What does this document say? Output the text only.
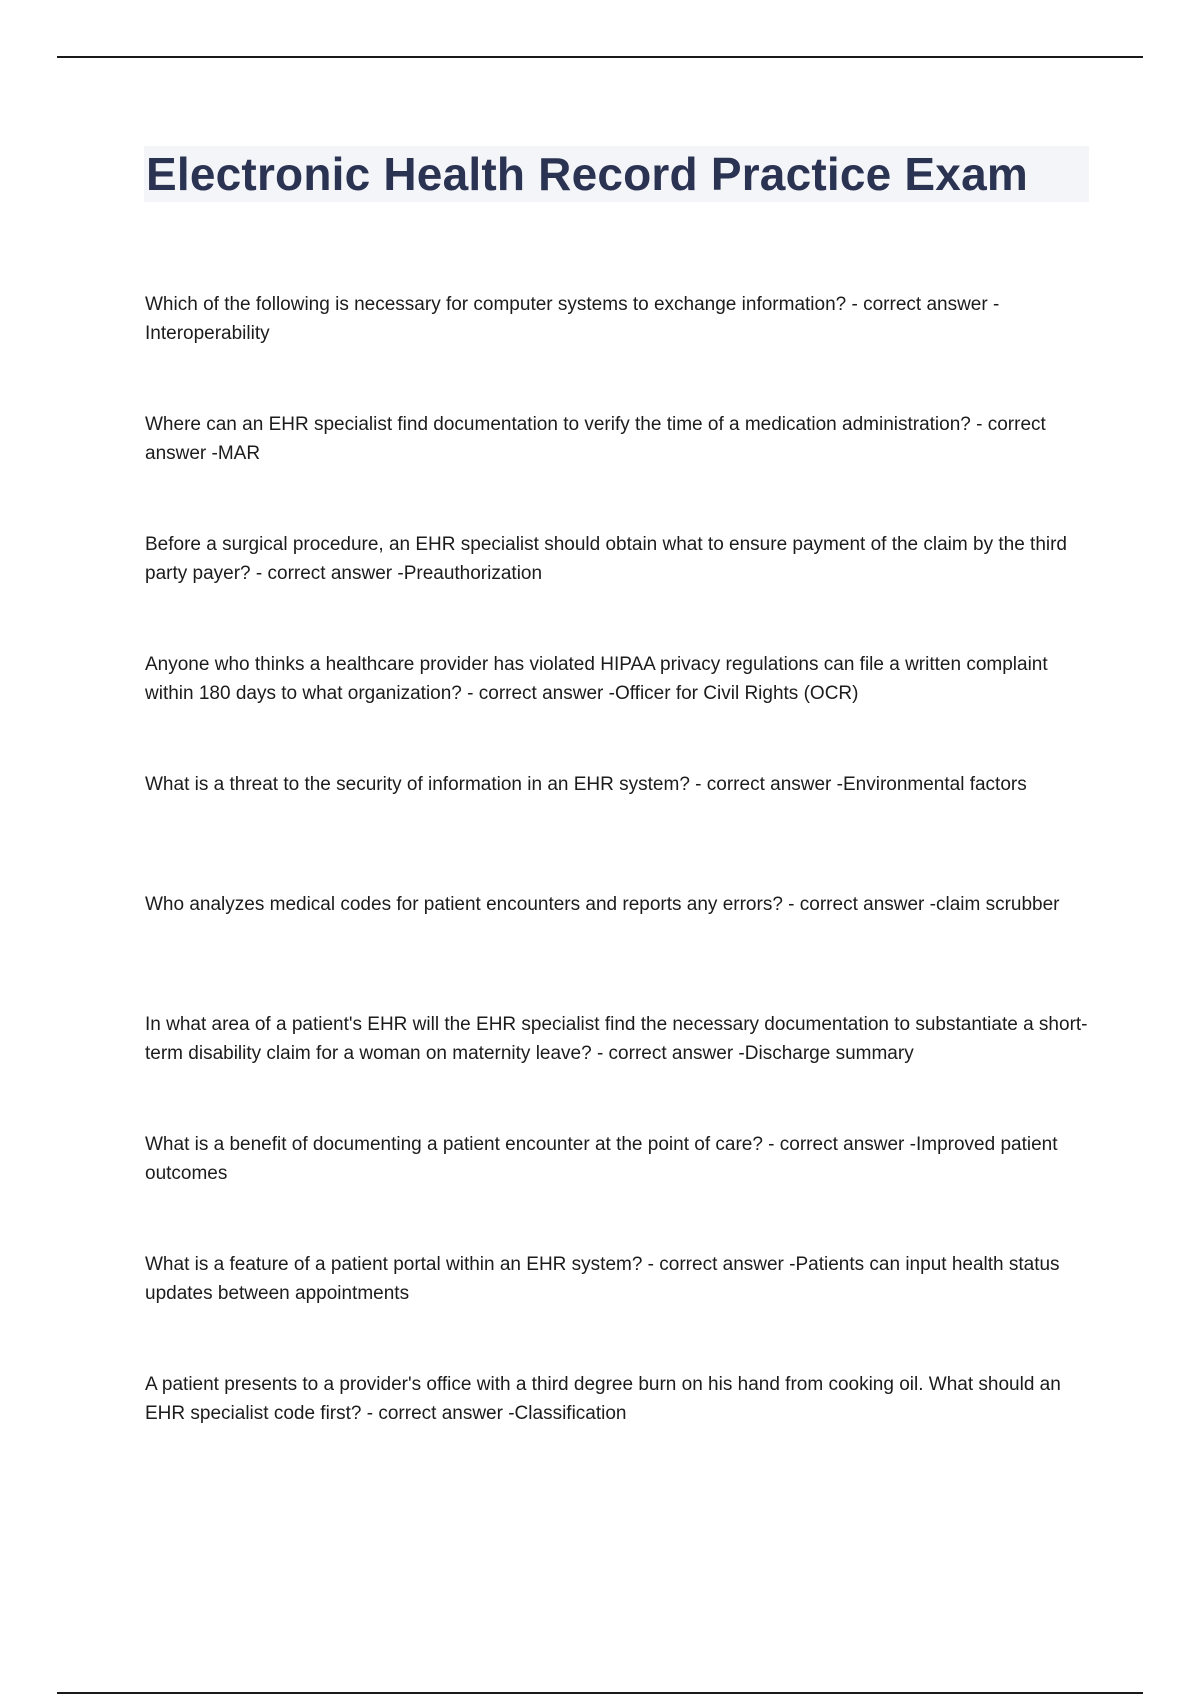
Electronic Health Record Practice Exam

Which of the following is necessary for computer systems to exchange information? - correct answer - Interoperability

Where can an EHR specialist find documentation to verify the time of a medication administration? - correct answer -MAR

Before a surgical procedure, an EHR specialist should obtain what to ensure payment of the claim by the third party payer? - correct answer -Preauthorization

Anyone who thinks a healthcare provider has violated HIPAA privacy regulations can file a written complaint within 180 days to what organization? - correct answer -Officer for Civil Rights (OCR)

What is a threat to the security of information in an EHR system? - correct answer -Environmental factors

Who analyzes medical codes for patient encounters and reports any errors? - correct answer -claim scrubber

In what area of a patient's EHR will the EHR specialist find the necessary documentation to substantiate a short-term disability claim for a woman on maternity leave? - correct answer -Discharge summary

What is a benefit of documenting a patient encounter at the point of care? - correct answer -Improved patient outcomes

What is a feature of a patient portal within an EHR system? - correct answer -Patients can input health status updates between appointments

A patient presents to a provider's office with a third degree burn on his hand from cooking oil. What should an EHR specialist code first? - correct answer -Classification
